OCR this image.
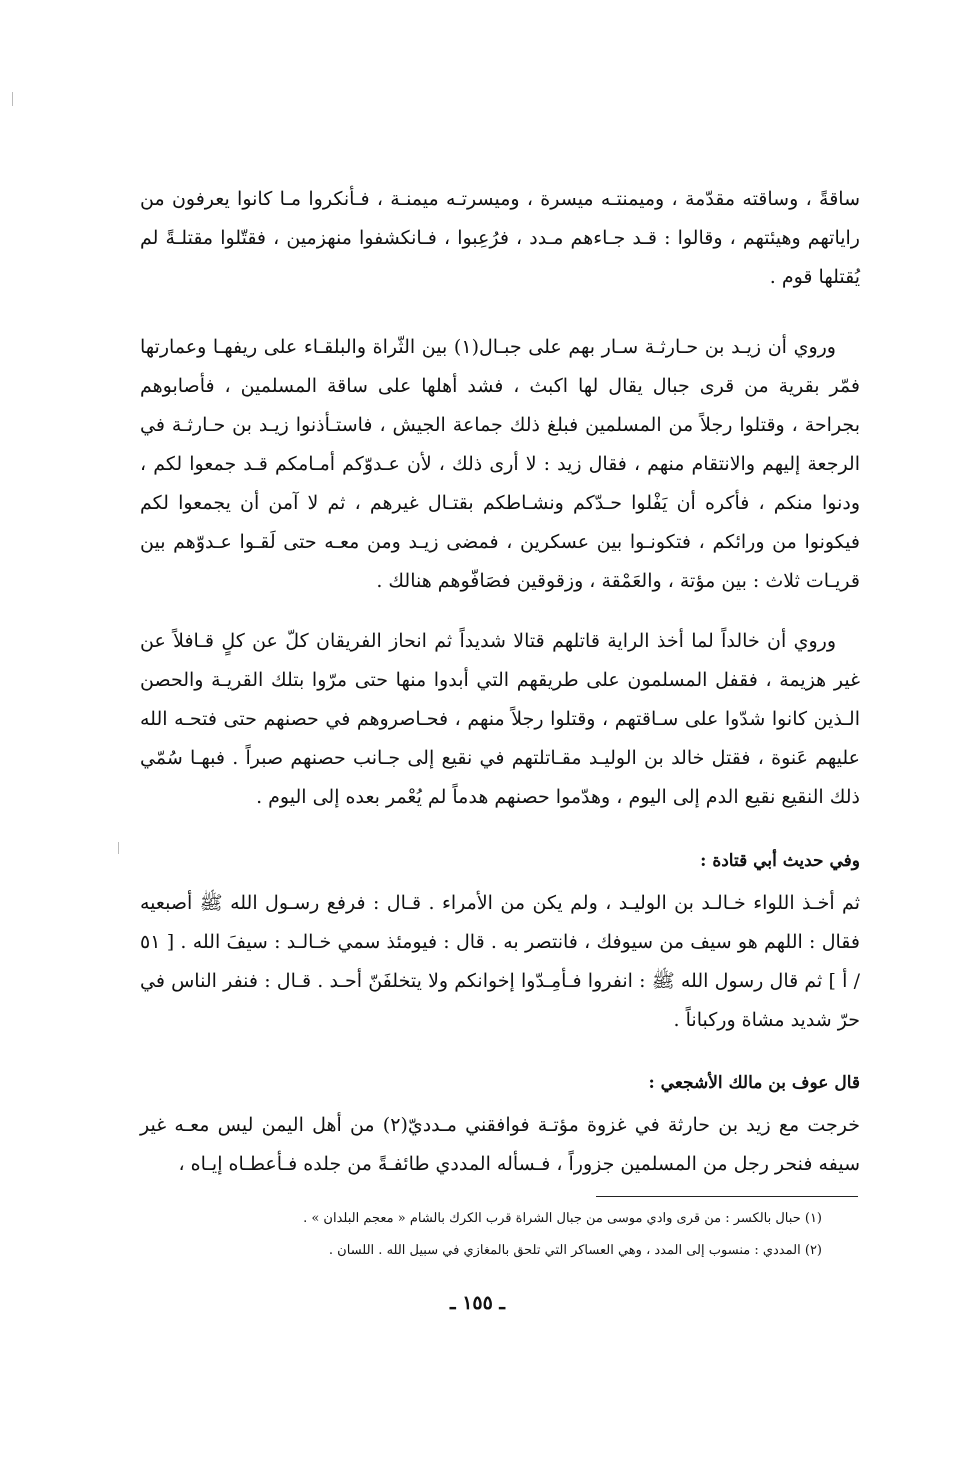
ساقةً ، وساقته مقدّمة ، وميمنتـه ميسرة ، وميسرتـه ميمنـة ، فـأنكروا مـا كانوا يعرفون من راياتهم وهيئتهم ، وقالوا : قـد جـاءهم مـدد ، فرُعِبوا ، فـانكشفوا منهزمين ، فقتّلوا مقتلـةً لم يُقتلها قوم .

وروي أن زيـد بن حـارثـة سـار بهم على جبـال(١) بين الثّراة والبلقـاء على ريفهـا وعمارتها فمّر بقرية من قرى جبال يقال لها اكبث ، فشد أهلها على ساقة المسلمين ، فأصابوهم بجراحة ، وقتلوا رجلاً من المسلمين فبلغ ذلك جماعة الجيش ، فاستـأذنوا زيـد بن حـارثـة في الرجعة إليهم والانتقام منهم ، فقال زيد : لا أرى ذلك ، لأن عـدوّكم أمـامكم قـد جمعوا لكم ، ودنوا منكم ، فأكره أن يَفْلوا حـدّكم ونشـاطكم بقتـال غيرهم ، ثم لا آمن أن يجمعوا لكم فيكونوا من ورائكم ، فتكونـوا بين عسكرين ، فمضى زيـد ومن معـه حتى لَقـوا عـدوّهم بين قريـات ثلاث : بين مؤتة ، والعَمْقة ، وزقوقين فصَافّوهم هنالك .

وروي أن خالداً لما أخذ الراية قاتلهم قتالا شديداً ثم انحاز الفريقان كلّ عن كلٍ قـافلاً عن غير هزيمة ، فقفل المسلمون على طريقهم التي أبدوا منها حتى مرّوا بتلك القريـة والحصن الـذين كانوا شدّوا على سـاقتهم ، وقتلوا رجلاً منهم ، فحـاصروهم في حصنهم حتى فتحـه الله عليهم عَنوة ، فقتل خالد بن الوليـد مقـاتلتهم في نقيع إلى جـانب حصنهم صبراً . فبهـا سُمّي ذلك النقيع نقيع الدم إلى اليوم ، وهدّموا حصنهم هدماً لم يُعْمر بعده إلى اليوم .

وفي حديث أبي قتادة :

ثم أخـذ اللواء خـالـد بن الوليـد ، ولم يكن من الأمراء . قـال : فرفع رسـول الله ﷺ أصبعيه فقال : اللهم هو سيف من سيوفك ، فانتصر به . قال : فيومئذ سمي خـالـد : سيفَ الله . [ ٥١ / أ ] ثم قال رسول الله ﷺ : انفروا فـأمِـدّوا إخوانكم ولا يتخلفَنّ أحـد . قـال : فنفر الناس في حرّ شديد مشاة وركباناً .

قال عوف بن مالك الأشجعي :

خرجت مع زيد بن حارثة في غزوة مؤتـة فوافقني مـدديّ(٢) من أهل اليمن ليس معـه غير سيفه فنحر رجل من المسلمين جزوراً ، فـسأله المددي طائفـةً من جلده فـأعطـاه إيـاه ،

(١) حبال بالكسر : من قرى وادي موسى من جبال الشراة قرب الكرك بالشام « معجم البلدان » .
(٢) المددي : منسوب إلى المدد ، وهي العساكر التي تلحق بالمغازي في سبيل الله . اللسان .
ـ ١٥٥ ـ
